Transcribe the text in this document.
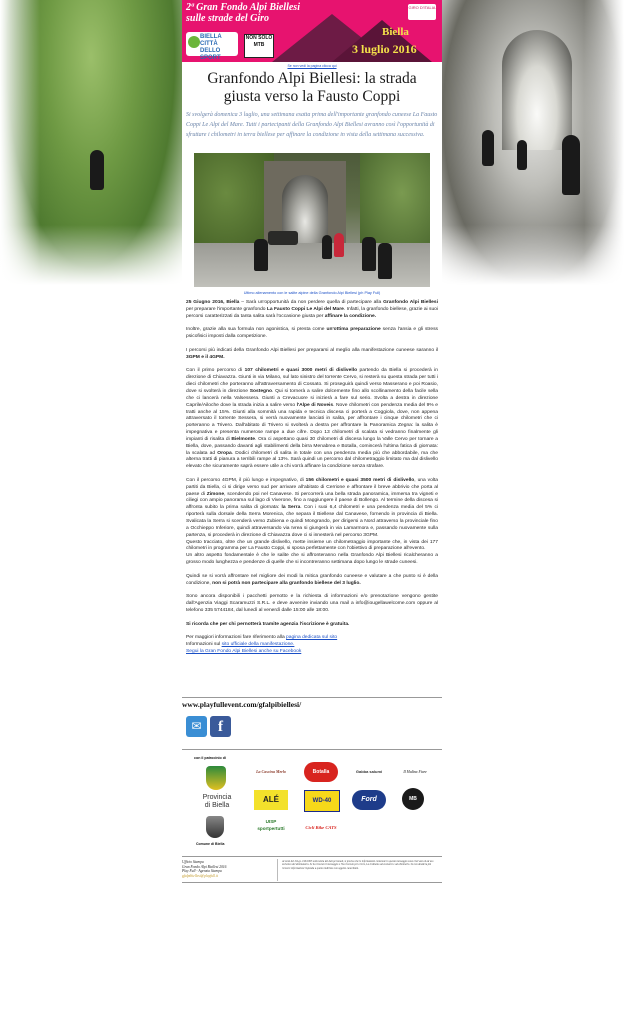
2ª Gran Fondo Alpi Biellesi
sulle strade del Giro
BIELLA CITTÀ DELLO SPORT
NON SOLO MTB
GIRO D'ITALIA
Biella
3 luglio 2016
Se non vedi la pagina clicca qui
Granfondo Alpi Biellesi: la strada giusta verso la Fausto Coppi
Si svolgerà domenica 3 luglio, una settimana esatta prima dell'importante granfondo cuneese La Fausto Coppi Le Alpi del Mare. Tutti i partecipanti della Granfondo Alpi Biellesi avranno così l'opportunità di sfruttare i chilometri in terra biellese per affinare la condizione in vista della settimana successiva.
Ultimo allenamento con le salite alpine della Granfondo Alpi Biellesi (ph Play Full)

25 Giugno 2016, Biella – Sarà un'opportunità da non perdere quella di partecipare alla Granfondo Alpi Biellesi per preparare l'importante granfondo La Fausto Coppi Le Alpi del Mare. Infatti, la granfondo biellese, grazie ai suoi percorsi caratterizzati da tanta salita sarà l'occasione giusta per affinare la condizione.

Inoltre, grazie alla sua formula non agonistica, si presta come un'ottima preparazione senza l'ansia e gli stress psicofisici imposti dalla competizione.

I percorsi più indicati della Granfondo Alpi Biellesi per prepararsi al meglio alla manifestazione cuneese saranno il 3GPM e il 4GPM.

Con il primo percorso di 107 chilometri e quasi 3000 metri di dislivello partendo da Biella si procederà in direzione di Chiavazza. Giunti in via Milano, sul lato sinistro del torrente Cervo, si resterà su questa strada per tutti i dieci chilometri che porteranno all'attraversamento di Cossato. Si proseguirà quindi verso Masserano e poi Roasio, dove si svolterà in direzione Sostegno. Qui si tornerà a salire dolcemente fino allo scollinamento della facile sella che ci lancerà nella Valsessera. Giunti a Crevacuore si inizierà a fare sul serio. Svolta a destra in direzione Caprile/Ailoche dove la strada inizia a salire verso l'Alpe di Noveis. Nove chilometri con pendenza media del 9% e tratti anche al 15%. Giunti alla sommità una rapida e tecnica discesa ci porterà a Coggiola, dove, non appena attraversato il torrente Sessera, si verrà nuovamente lanciati in salita, per affrontare i cinque chilometri che ci porteranno a Trivero. Dall'abitato di Trivero si svolterà a destra per affrontare la Panoramica Zegna: la salita è impegnativa e presenta numerose rampe a due cifre. Dopo 13 chilometri di scalata si vedranno finalmente gli impianti di risalita di Bielmonte. Ora ci aspettano quasi 30 chilometri di discesa lungo la Valle Cervo per tornare a Biella, dove, passando davanti agli stabilimenti della birra Menabrea e Botalla, comincerà l'ultima fatica di giornata: la scalata ad Oropa. Dodici chilometri di salita in totale con una pendenza media più che abbordabile, ma che alterna tratti di pianura a terribili rampe al 13%. Sarà quindi un percorso dal chilometraggio limitato ma dal dislivello elevato che sicuramente saprà essere utile a chi vorrà affinare la condizione senza strafare.

Con il percorso 4GPM, il più lungo e impegnativo, di 156 chilometri e quasi 3500 metri di dislivello, una volta partiti da Biella, ci si dirige verso sud per arrivare all'abitato di Cerrione e affrontare il breve abbrivio che porta al paese di Zimone, scendendo poi nel Canavese. Si percorrerà una bella strada panoramica, immersa tra vigneti e ciliegi con ampio panorama sul lago di Viverone, fino a raggiungere il paese di Bollengo. Al termine della discesa si affronta subito la prima salita di giornata: la Serra. Con i suoi 6,4 chilometri e una pendenza media del 5% ci riporterà sulla dorsale della Serra Morenica, che separa il Biellese dal Canavese, fornendo in provincia di Biella. Svalicata la Serra si scenderà verso Zubiena e quindi Mongrando, per dirigersi a Nord attraverso la provinciale fino a Occhieppo Inferiore, quindi attraversando via Ivrea si giungerà in via Lamarmora e, passando nuovamente sulla partenza, si procederà in direzione di Chiavazza dove ci si innesterà nel percorso 3GPM.

Questo tracciato, oltre che un grande dislivello, mette insieme un chilometraggio importante che, in vista dei 177 chilometri in programma per La Fausto Coppi, si sposa perfettamente con l'obiettivo di preparazione all'evento.

Un altro aspetto fondamentale è che le salite che si affronteranno nella Granfondo Alpi Biellesi ricalcheranno a grosso modo lunghezza e pendenze di quelle che si incontreranno settimana dopo lungo le strade cuneesi.

Quindi se si vorrà affrontare nel migliore dei modi la mitica granfondo cuneese e valutare a che punto si è della condizione, non si potrà non partecipare alla granfondo biellese del 3 luglio.

Sono ancora disponibili i pacchetti pernotto e la richiesta di informazioni e/o prenotazione vengono gestite dall'Agenzia Viaggi Scaramuzzi S.R.L. e deve avvenire inviando una mail a info@iougellawelcome.com oppure al telefono 335 5744184, dal lunedì al venerdì dalle 15:00 alle 18:00.

Si ricorda che per chi pernotterà tramite agenzia l'iscrizione è gratuita.

Per maggiori informazioni fare riferimento alla pagina dedicata sul sito

Informazioni sul sito ufficiale della manifestazione.

Segui la Gran Fondo Alpi Biellesi anche su Facebook

www.playfullevent.com/gfalpibiellesi/
✉	f
con il patrocinio di
Provincia di Biella
Comune di Biella
La Cascina Merlo	Botalla	Gabba salumi	Il Mulino Fiore
ALÉ	WD-40	Ford	MB
UISP sportpertutti	Cicli Bike CATS
Ufficio Stampa
Gran Fondo Alpi Biellesi 2016
Play Full - Agenzia Stampa
gfalpibiellesi@playfull.it
Ai sensi del D.Lgs. 196/2003 sulla tutela dei dati personali, si precisa che le informazioni contenute in questo messaggio sono riservate ed ad uso esclusivo del destinatario. Se ha ricevuto il messaggio e l'ha ricevuto per errore, La invitiamo ad avvisarci e ad eliminarlo. Se non desidera più ricevere informazioni risponda a questo indirizzo con oggetto cancellami.
